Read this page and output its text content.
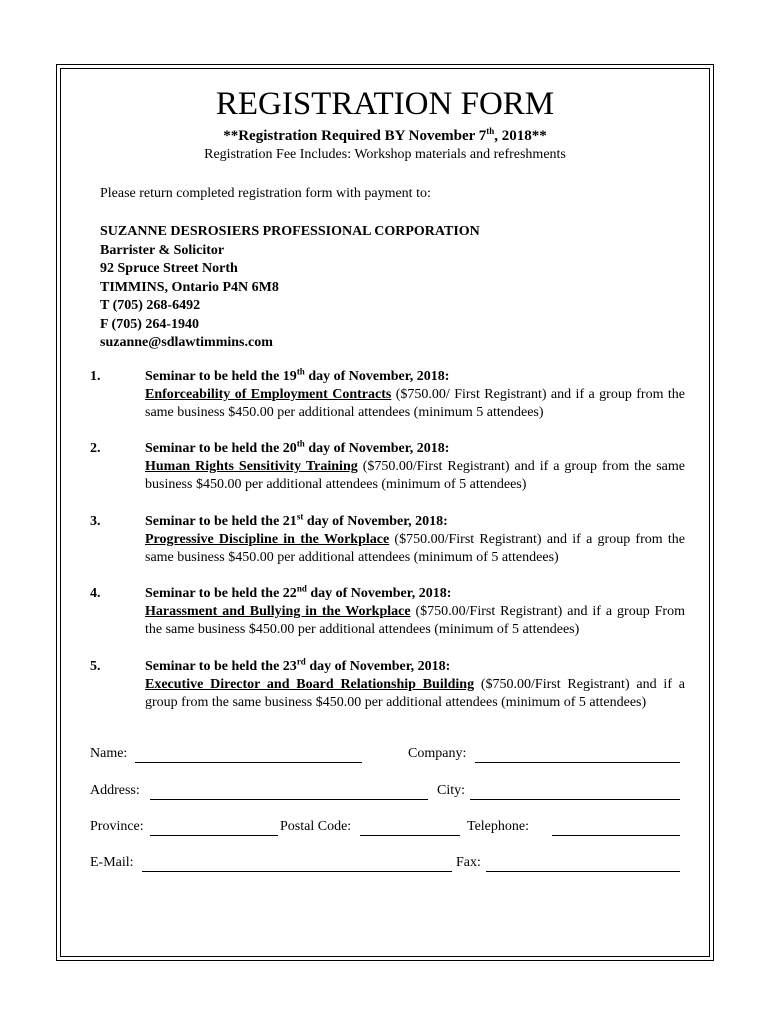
REGISTRATION FORM
**Registration Required BY November 7th, 2018**
Registration Fee Includes: Workshop materials and refreshments
Please return completed registration form with payment to:
SUZANNE DESROSIERS PROFESSIONAL CORPORATION
Barrister & Solicitor
92 Spruce Street North
TIMMINS, Ontario P4N 6M8
T (705) 268-6492
F (705) 264-1940
suzanne@sdlawtimmins.com
1.	Seminar to be held the 19th day of November, 2018:
Enforceability of Employment Contracts ($750.00/ First Registrant) and if a group from the same business $450.00 per additional attendees (minimum 5 attendees)
2.	Seminar to be held the 20th day of November, 2018:
Human Rights Sensitivity Training ($750.00/First Registrant) and if a group from the same business $450.00 per additional attendees (minimum of 5 attendees)
3.	Seminar to be held the 21st day of November, 2018:
Progressive Discipline in the Workplace ($750.00/First Registrant) and if a group from the same business $450.00 per additional attendees (minimum of 5 attendees)
4.	Seminar to be held the 22nd day of November, 2018:
Harassment and Bullying in the Workplace ($750.00/First Registrant) and if a group From the same business $450.00 per additional attendees (minimum of 5 attendees)
5.	Seminar to be held the 23rd day of November, 2018:
Executive Director and Board Relationship Building ($750.00/First Registrant) and if a group from the same business $450.00 per additional attendees (minimum of 5 attendees)
Name:	Company:
Address:	City:
Province:	Postal Code:	Telephone:
E-Mail:	Fax:
